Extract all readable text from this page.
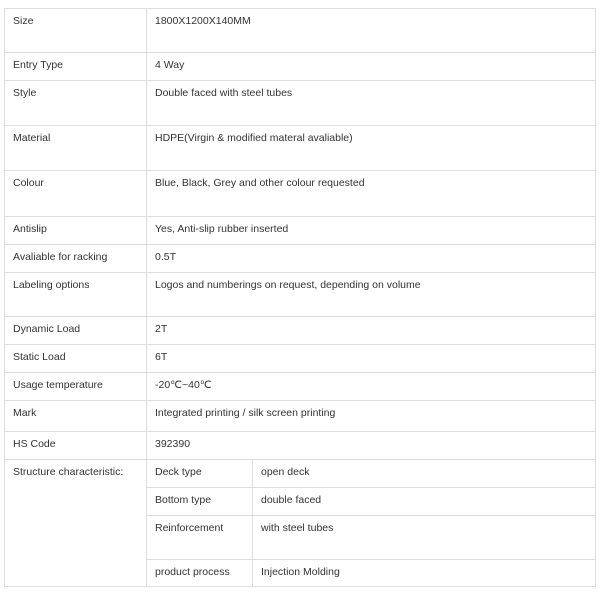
Size	1800X1200X140MM	
Entry Type	4 Way	
Style	Double faced with steel tubes	
Material	HDPE(Virgin & modified materal avaliable)	
Colour	Blue, Black, Grey and other colour requested	
Antislip	Yes, Anti-slip rubber inserted	
Avaliable for racking	0.5T	
Labeling options	Logos and numberings on request, depending on volume	
Dynamic Load	2T	
Static Load	6T	
Usage temperature	-20℃~40℃	
Mark	Integrated printing / silk screen printing	
HS Code	392390	
Structure characteristic:	Deck type	open deck
	Bottom type	double faced
	Reinforcement	with steel tubes
	product process	Injection Molding
